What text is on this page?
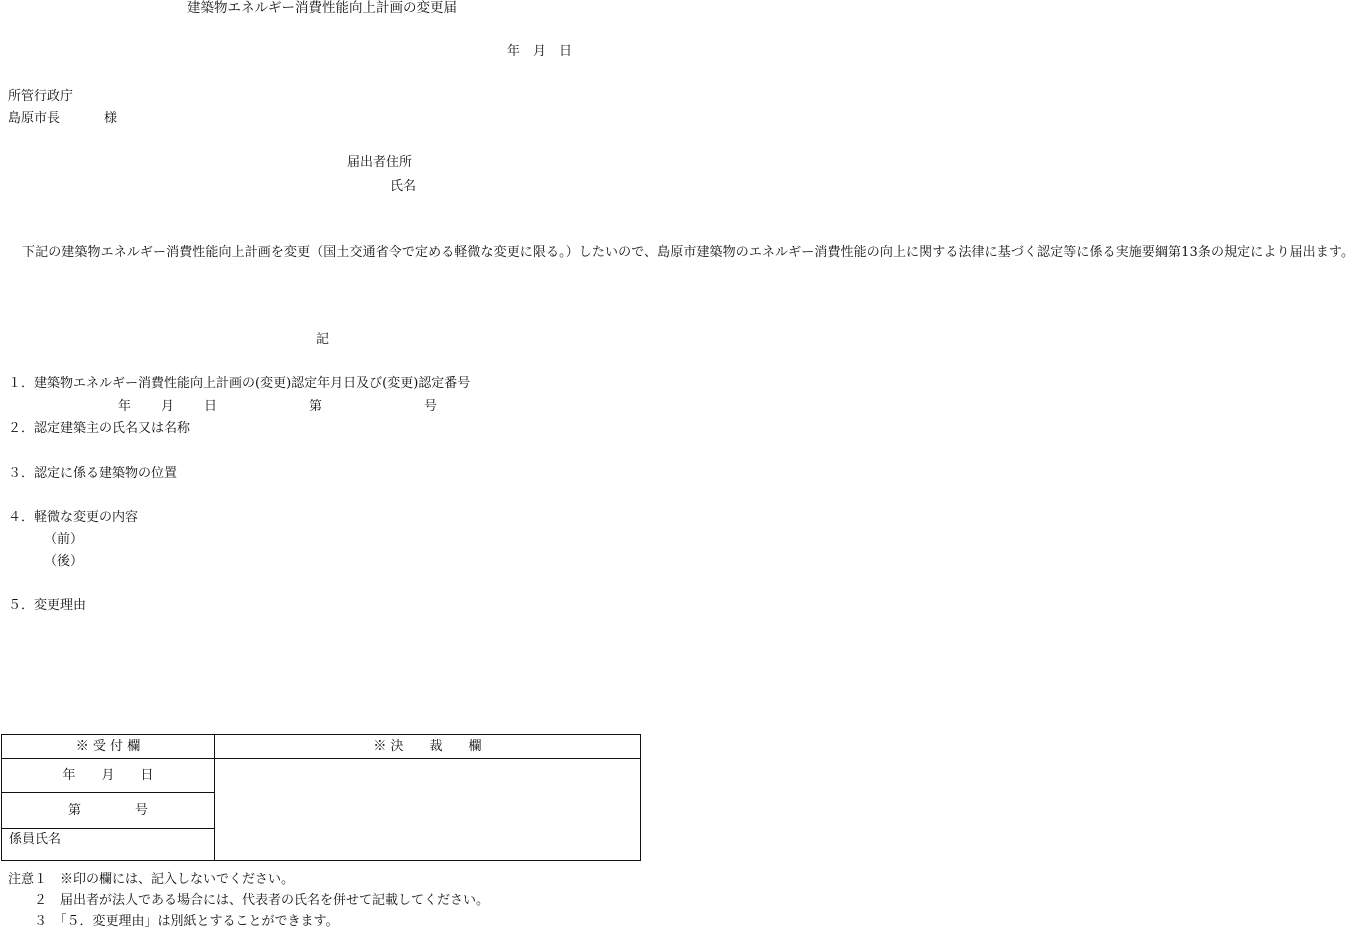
建築物エネルギー消費性能向上計画の変更届
年　月　日
所管行政庁
島原市長	様
届出者住所
氏名

下記の建築物エネルギー消費性能向上計画を変更（国土交通省令で定める軽微な変更に限る。）したいので、島原市建築物のエネルギー消費性能の向上に関する法律に基づく認定等に係る実施要綱第13条の規定により届出ます。

記
１．建築物エネルギー消費性能向上計画の(変更)認定年月日及び(変更)認定番号
年 月 日	第	号
２．認定建築主の氏名又は名称
３．認定に係る建築物の位置
４．軽微な変更の内容
（前）
（後）
５．変更理由
※ 受 付 欄	※ 決　　裁　　欄

年 月 日	

第 号	

係員氏名	
注意１　※印の欄には、記入しないでください。
　　２　届出者が法人である場合には、代表者の氏名を併せて記載してください。
　　３　「５．変更理由」は別紙とすることができます。
